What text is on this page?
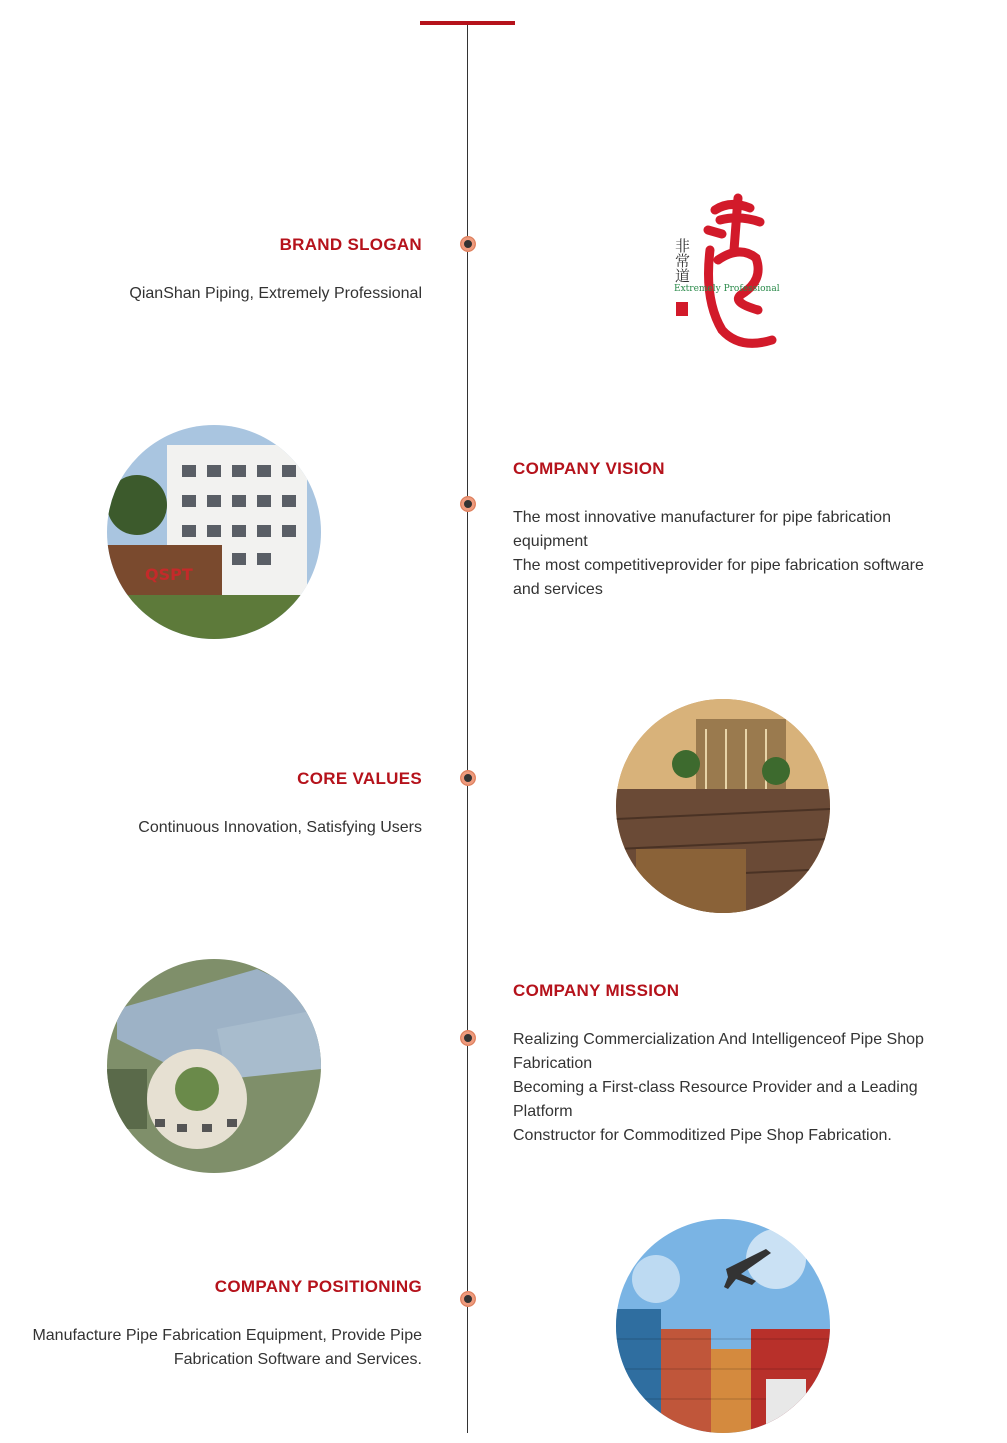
BRAND SLOGAN
QianShan Piping, Extremely Professional
非常道
Extremely Professional
QSPT
COMPANY VISION
The most innovative manufacturer for pipe fabrication
equipment
The most competitiveprovider for pipe fabrication software
and services
CORE VALUES
Continuous Innovation, Satisfying Users
COMPANY MISSION
Realizing Commercialization And Intelligenceof Pipe Shop
Fabrication
Becoming a First-class Resource Provider and a Leading
Platform
Constructor for Commoditized Pipe Shop Fabrication.
COMPANY POSITIONING
Manufacture Pipe Fabrication Equipment, Provide Pipe
Fabrication Software and Services.
